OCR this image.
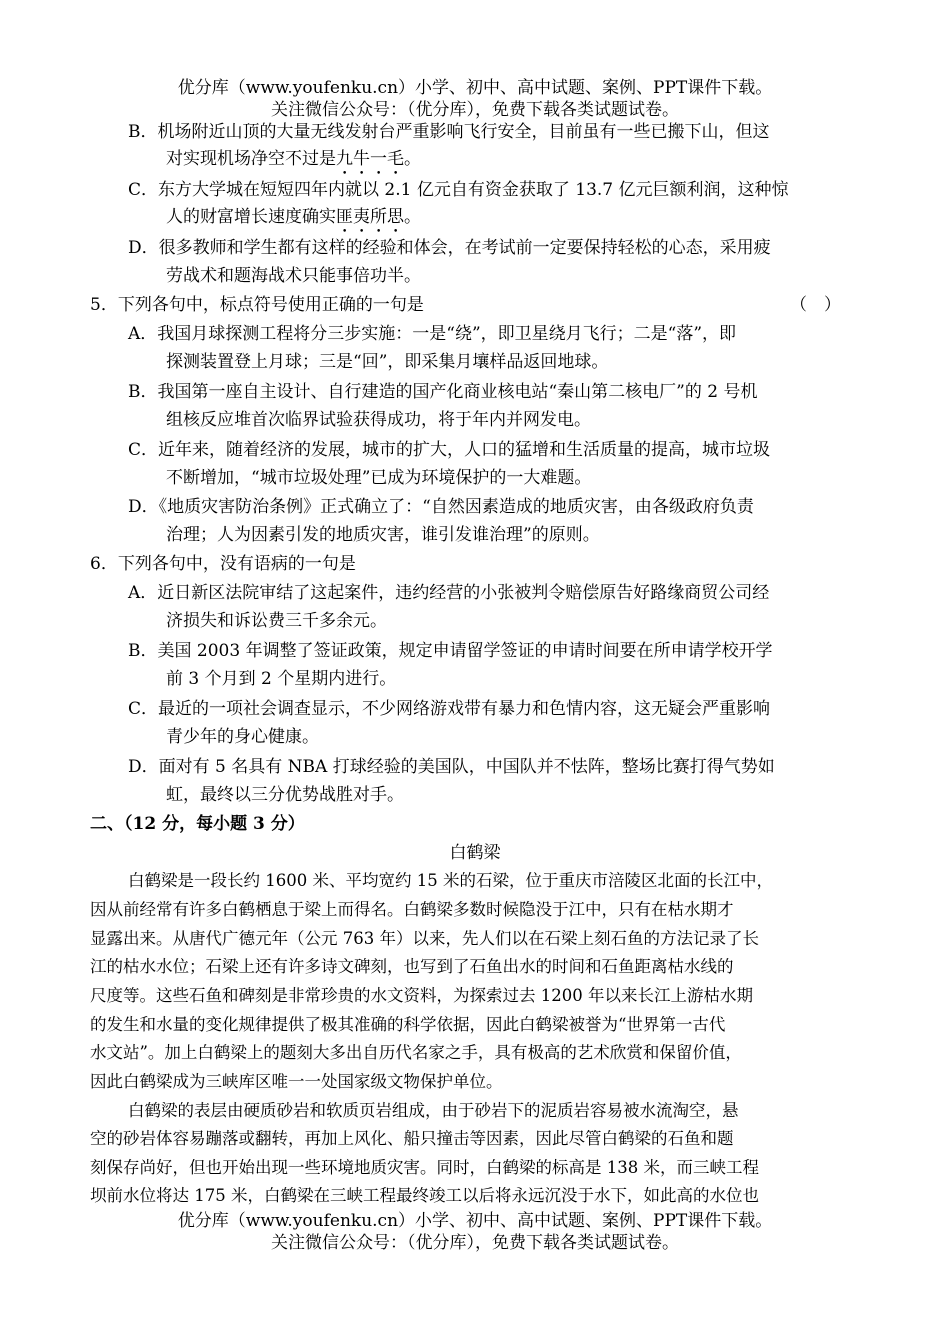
优分库（www.youfenku.cn）小学、初中、高中试题、案例、PPT课件下载。
关注微信公众号：（优分库），免费下载各类试题试卷。
B．机场附近山顶的大量无线发射台严重影响飞行安全，目前虽有一些已搬下山，但这
对实现机场净空不过是九牛一毛。
C．东方大学城在短短四年内就以 2.1 亿元自有资金获取了 13.7 亿元巨额利润，这种惊
人的财富增长速度确实匪夷所思。
D．很多教师和学生都有这样的经验和体会，在考试前一定要保持轻松的心态，采用疲
劳战术和题海战术只能事倍功半。
5．下列各句中，标点符号使用正确的一句是	（　）
A．我国月球探测工程将分三步实施：一是“绕”，即卫星绕月飞行；二是“落”，即
探测装置登上月球；三是“回”，即采集月壤样品返回地球。
B．我国第一座自主设计、自行建造的国产化商业核电站“秦山第二核电厂”的 2 号机
组核反应堆首次临界试验获得成功，将于年内并网发电。
C．近年来，随着经济的发展，城市的扩大，人口的猛增和生活质量的提高，城市垃圾
不断增加，“城市垃圾处理”已成为环境保护的一大难题。
D．《地质灾害防治条例》正式确立了：“自然因素造成的地质灾害，由各级政府负责
治理；人为因素引发的地质灾害，谁引发谁治理”的原则。
6．下列各句中，没有语病的一句是
A．近日新区法院审结了这起案件，违约经营的小张被判令赔偿原告好路缘商贸公司经
济损失和诉讼费三千多余元。
B．美国 2003 年调整了签证政策，规定申请留学签证的申请时间要在所申请学校开学
前 3 个月到 2 个星期内进行。
C．最近的一项社会调查显示，不少网络游戏带有暴力和色情内容，这无疑会严重影响
青少年的身心健康。
D．面对有 5 名具有 NBA 打球经验的美国队，中国队并不怯阵，整场比赛打得气势如
虹，最终以三分优势战胜对手。
二、（12 分，每小题 3 分）
白鹤梁
白鹤梁是一段长约 1600 米、平均宽约 15 米的石梁，位于重庆市涪陵区北面的长江中，
因从前经常有许多白鹤栖息于梁上而得名。白鹤梁多数时候隐没于江中，只有在枯水期才
显露出来。从唐代广德元年（公元 763 年）以来，先人们以在石梁上刻石鱼的方法记录了长
江的枯水水位；石梁上还有许多诗文碑刻，也写到了石鱼出水的时间和石鱼距离枯水线的
尺度等。这些石鱼和碑刻是非常珍贵的水文资料，为探索过去 1200 年以来长江上游枯水期
的发生和水量的变化规律提供了极其准确的科学依据，因此白鹤梁被誉为“世界第一古代
水文站”。加上白鹤梁上的题刻大多出自历代名家之手，具有极高的艺术欣赏和保留价值，
因此白鹤梁成为三峡库区唯一一处国家级文物保护单位。
白鹤梁的表层由硬质砂岩和软质页岩组成，由于砂岩下的泥质岩容易被水流淘空，悬
空的砂岩体容易蹦落或翻转，再加上风化、船只撞击等因素，因此尽管白鹤梁的石鱼和题
刻保存尚好，但也开始出现一些环境地质灾害。同时，白鹤梁的标高是 138 米，而三峡工程
坝前水位将达 175 米，白鹤梁在三峡工程最终竣工以后将永远沉没于水下，如此高的水位也
优分库（www.youfenku.cn）小学、初中、高中试题、案例、PPT课件下载。
关注微信公众号：（优分库），免费下载各类试题试卷。
